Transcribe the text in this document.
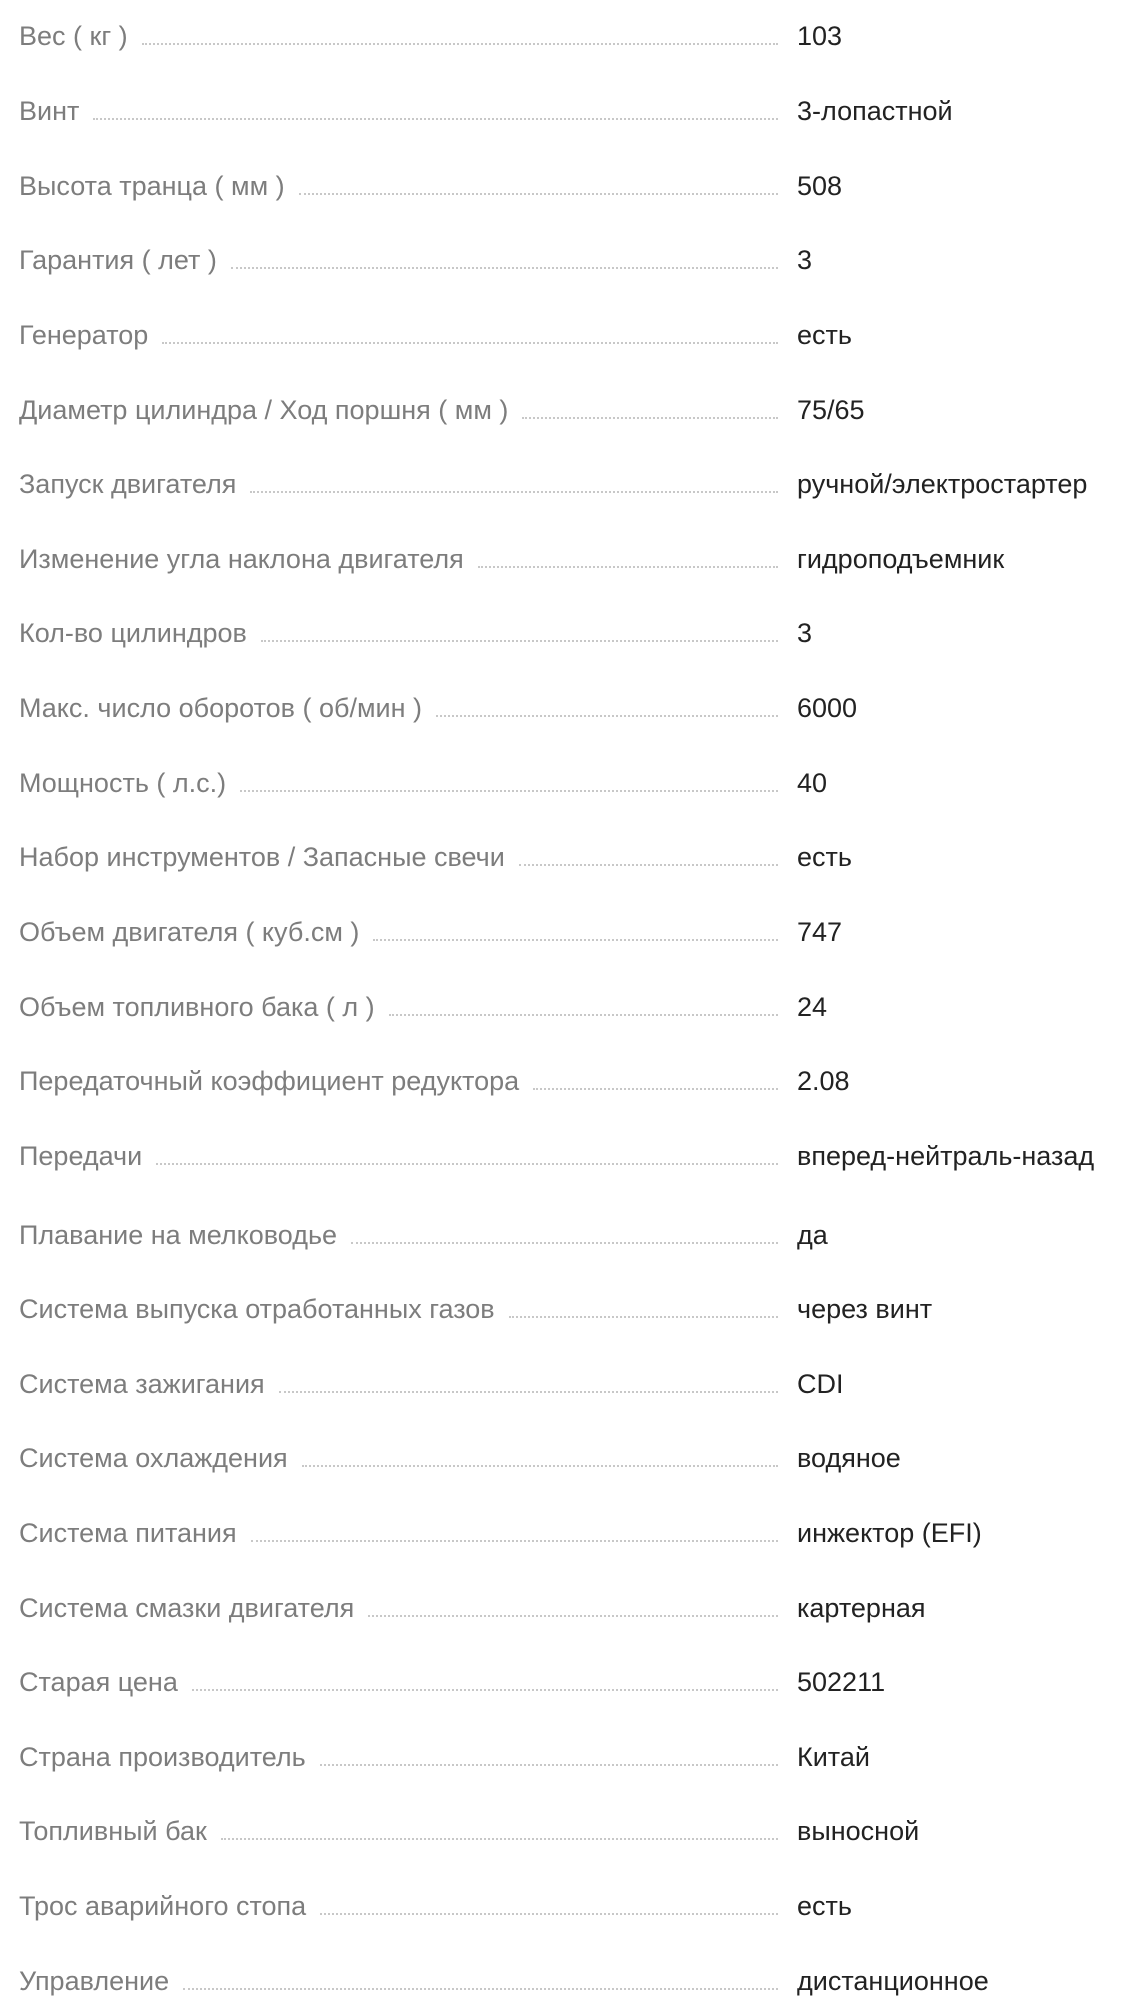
Вес ( кг )	103
Винт	3-лопастной
Высота транца ( мм )	508
Гарантия ( лет )	3
Генератор	есть
Диаметр цилиндра / Ход поршня ( мм )	75/65
Запуск двигателя	ручной/электростартер
Изменение угла наклона двигателя	гидроподъемник
Кол-во цилиндров	3
Макс. число оборотов ( об/мин )	6000
Мощность ( л.с.)	40
Набор инструментов / Запасные свечи	есть
Объем двигателя ( куб.см )	747
Объем топливного бака ( л )	24
Передаточный коэффициент редуктора	2.08
Передачи	вперед-нейтраль-назад
Плавание на мелководье	да
Система выпуска отработанных газов	через винт
Система зажигания	CDI
Система охлаждения	водяное
Система питания	инжектор (EFI)
Система смазки двигателя	картерная
Старая цена	502211
Страна производитель	Китай
Топливный бак	выносной
Трос аварийного стопа	есть
Управление	дистанционное
